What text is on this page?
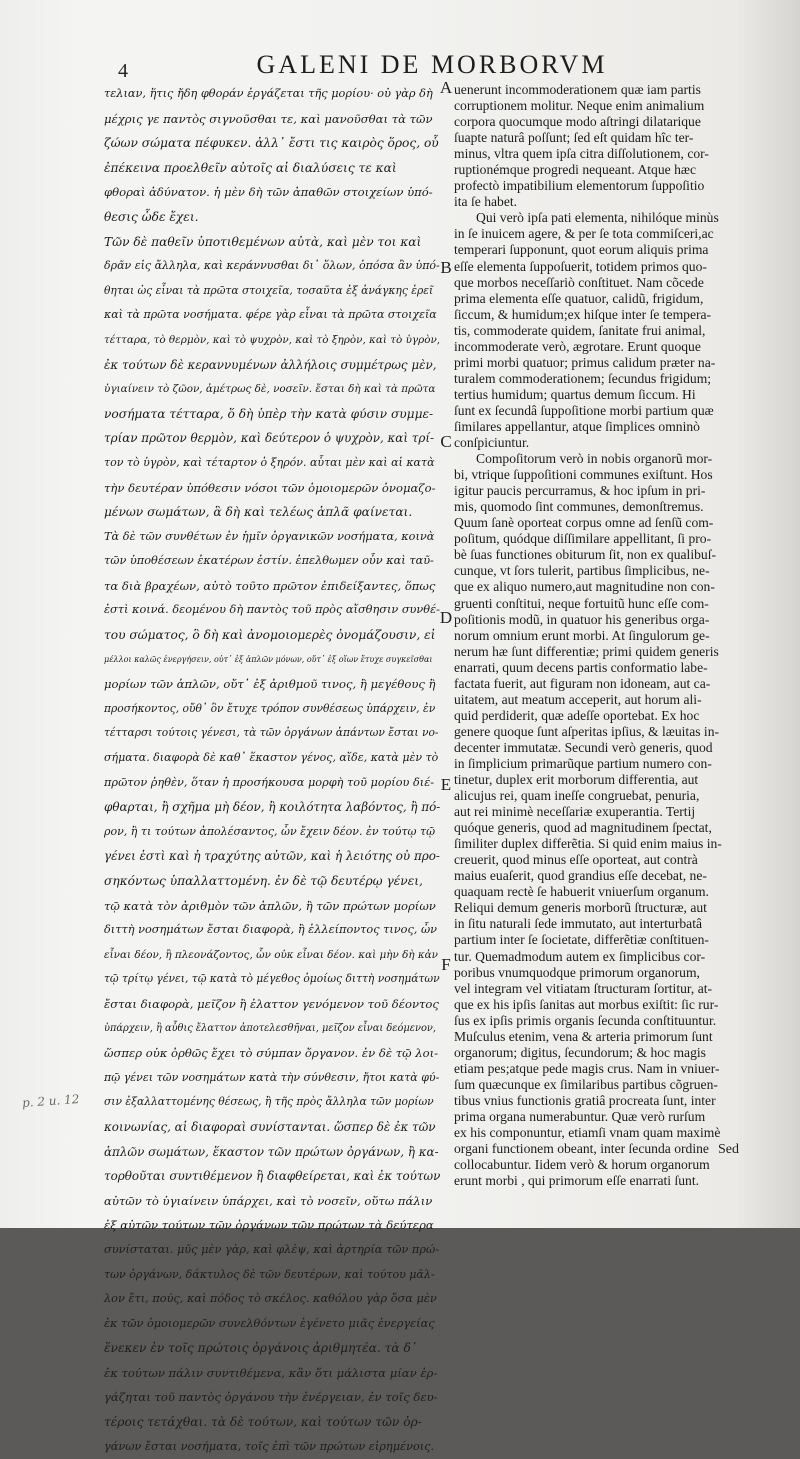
4	GALENI DE MORBORVM
τελιαν, ἥτις ἤδη φθοράν ἐργάζεται τῆς μορίου· οὐ γὰρ δὴ
μέχρις γε παντὸς σιγνοῦσθαι τε, καὶ μανοῦσθαι τὰ τῶν
ζώων σώματα πέφυκεν. ἀλλ᾽ ἔστι τις καιρὸς ὅρος, οὗ
ἐπέκεινα προελθεῖν αὐτοῖς αἱ διαλύσεις τε καὶ
φθοραὶ ἀδύνατον. ἡ μὲν δὴ τῶν ἀπαθῶν στοιχείων ὑπό-
θεσις ὧδε ἔχει.
Τῶν δὲ παθεῖν ὑποτιθεμένων αὐτὰ, καὶ μὲν τοι καὶ
δρᾶν εἰς ἄλληλα, καὶ κεράννυσθαι δι᾽ ὅλων, ὁπόσα ἂν ὑπό-
θηται ὡς εἶναι τὰ πρῶτα στοιχεῖα, τοσαῦτα ἐξ ἀνάγκης ἐρεῖ
καὶ τὰ πρῶτα νοσήματα. φέρε γὰρ εἶναι τὰ πρῶτα στοιχεῖα
τέτταρα, τὸ θερμὸν, καὶ τὸ ψυχρὸν, καὶ τὸ ξηρὸν, καὶ τὸ ὑγρὸν,
ἐκ τούτων δὲ κεραννυμένων ἀλλήλοις συμμέτρως μὲν,
ὑγιαίνειν τὸ ζῶον, ἀμέτρως δὲ, νοσεῖν. ἔσται δὴ καὶ τὰ πρῶτα
νοσήματα τέτταρα, ὅ δὴ ὑπὲρ τὴν κατὰ φύσιν συμμε-
τρίαν πρῶτον θερμὸν, καὶ δεύτερον ὁ ψυχρὸν, καὶ τρί-
τον τὸ ὑγρὸν, καὶ τέταρτον ὁ ξηρόν. αὗται μὲν καὶ αἱ κατὰ
τὴν δευτέραν ὑπόθεσιν νόσοι τῶν ὁμοιομερῶν ὀνομαζο-
μένων σωμάτων, ἃ δὴ καὶ τελέως ἁπλᾶ φαίνεται.
Τὰ δὲ τῶν συνθέτων ἐν ἡμῖν ὀργανικῶν νοσήματα, κοινὰ
τῶν ὑποθέσεων ἑκατέρων ἐστίν. ἐπελθωμεν οὖν καὶ ταῦ-
τα διὰ βραχέων, αὐτὸ τοῦτο πρῶτον ἐπιδείξαντες, ὅπως
ἐστὶ κοινά. δεομένου δὴ παντὸς τοῦ πρὸς αἴσθησιν συνθέ-
του σώματος, ὃ δὴ καὶ ἀνομοιομερὲς ὀνομάζουσιν, εἰ
μέλλοι καλῶς ἐνεργήσειν, οὐτ᾽ ἐξ ἁπλῶν μόνων, οὔτ᾽ ἐξ οἵων ἔτυχε συγκεῖσθαι
μορίων τῶν ἁπλῶν, οὔτ᾽ ἐξ ἀριθμοῦ τινος, ἢ μεγέθους ἢ
προσήκοντος, οὔθ᾽ ὃν ἔτυχε τρόπον συνθέσεως ὑπάρχειν, ἐν
τέτταρσι τούτοις γένεσι, τὰ τῶν ὀργάνων ἁπάντων ἔσται νο-
σήματα. διαφορὰ δὲ καθ᾽ ἕκαστον γένος, αἵδε, κατὰ μὲν τὸ
πρῶτον ῥηθὲν, ὅταν ἡ προσήκουσα μορφὴ τοῦ μορίου διέ-
φθαρται, ἢ σχῆμα μὴ δέον, ἢ κοιλότητα λαβόντος, ἢ πό-
ρον, ἢ τι τούτων ἀπολέσαντος, ὧν ἔχειν δέον. ἐν τούτῳ τῷ
γένει ἐστὶ καὶ ἡ τραχύτης αὐτῶν, καὶ ἡ λειότης οὐ προ-
σηκόντως ὑπαλλαττομένη. ἐν δὲ τῷ δευτέρῳ γένει,
τῷ κατὰ τὸν ἀριθμὸν τῶν ἁπλῶν, ἢ τῶν πρώτων μορίων
διττὴ νοσημάτων ἔσται διαφορὰ, ἢ ἐλλείποντος τινος, ὧν
εἶναι δέον, ἢ πλεονάζοντος, ὧν οὐκ εἶναι δέον. καὶ μὴν δὴ κἀν
τῷ τρίτῳ γένει, τῷ κατὰ τὸ μέγεθος ὁμοίως διττὴ νοσημάτων
ἔσται διαφορὰ, μεῖζον ἢ ἐλαττον γενόμενον τοῦ δέοντος
ὑπάρχειν, ἢ αὖθις ἔλαττον ἀποτελεσθῆναι, μεῖζον εἶναι δεόμενον,
ὥσπερ οὐκ ὀρθῶς ἔχει τὸ σύμπαν ὄργανον. ἐν δὲ τῷ λοι-
πῷ γένει τῶν νοσημάτων κατὰ τὴν σύνθεσιν, ἤτοι κατὰ φύ-
σιν ἐξαλλαττομένης θέσεως, ἢ τῆς πρὸς ἄλληλα τῶν μορίων
κοινωνίας, αἱ διαφοραὶ συνίστανται. ὥσπερ δὲ ἐκ τῶν
ἁπλῶν σωμάτων, ἕκαστον τῶν πρώτων ὀργάνων, ἢ κα-
τορθοῦται συντιθέμενον ἢ διαφθείρεται, καὶ ἐκ τούτων
αὐτῶν τὸ ὑγιαίνειν ὑπάρχει, καὶ τὸ νοσεῖν, οὕτω πάλιν
ἐξ αὐτῶν τούτων τῶν ὀργάνων τῶν πρώτων τὰ δεύτερα
συνίσταται. μῦς μὲν γὰρ, καὶ φλὲψ, καὶ ἀρτηρία τῶν πρώ-
των ὀργάνων, δάκτυλος δὲ τῶν δευτέρων, καὶ τούτου μᾶλ-
λον ἔτι, πούς, καὶ πόδος τὸ σκέλος. καθόλου γὰρ ὅσα μὲν
ἐκ τῶν ὁμοιομερῶν συνελθόντων ἐγένετο μιᾶς ἐνεργείας
ἕνεκεν ἐν τοῖς πρώτοις ὀργάνοις ἀριθμητέα. τὰ δ᾽
ἐκ τούτων πάλιν συντιθέμενα, κἂν ὅτι μάλιστα μίαν ἐρ-
γάζηται τοῦ παντὸς ὀργάνου τὴν ἐνέργειαν, ἐν τοῖς δευ-
τέροις τετάχθαι. τὰ δὲ τούτων, καὶ τούτων τῶν ὀρ-
γάνων ἔσται νοσήματα, τοῖς ἐπὶ τῶν πρώτων εἰρημένοις.
A
B
C
D
E
F
uenerunt incommoderationem quæ iam partis
corruptionem molitur. Neque enim animalium
corpora quocumque modo aſtringi dilatarique
ſuapte naturâ poſſunt; ſed eſt quidam hîc ter-
minus, vltra quem ipſa citra diſſolutionem, cor-
ruptionémque progredi nequeant. Atque hæc
profectò impatibilium elementorum ſuppoſitio
ita ſe habet.
Qui verò ipſa pati elementa, nihilóque minùs
in ſe inuicem agere, & per ſe tota commiſceri,ac
temperari ſupponunt, quot eorum aliquis prima
eſſe elementa ſuppoſuerit, totidem primos quo-
que morbos neceſſariò conſtituet. Nam cõcede
prima elementa eſſe quatuor, calidũ, frigidum,
ſiccum, & humidum;ex hiſque inter ſe tempera-
tis, commoderate quidem, ſanitate frui animal,
incommoderate verò, ægrotare. Erunt quoque
primi morbi quatuor; primus calidum præter na-
turalem commoderationem; ſecundus frigidum;
tertius humidum; quartus demum ſiccum. Hi
ſunt ex ſecundâ ſuppoſitione morbi partium quæ
ſimilares appellantur, atque ſimplices omninò
conſpiciuntur.
Compoſitorum verò in nobis organorũ mor-
bi, vtrique ſuppoſitioni communes exiſtunt. Hos
igitur paucis percurramus, & hoc ipſum in pri-
mis, quomodo ſint communes, demonſtremus.
Quum ſanè oporteat corpus omne ad ſenſũ com-
poſitum, quódque diſſimilare appellitant, ſi pro-
bè ſuas functiones obiturum ſit, non ex qualibuſ-
cunque, vt ſors tulerit, partibus ſimplicibus, ne-
que ex aliquo numero,aut magnitudine non con-
gruenti conſtitui, neque fortuitũ hunc eſſe com-
poſitionis modũ, in quatuor his generibus orga-
norum omnium erunt morbi. At ſingulorum ge-
nerum hæ ſunt differentiæ; primi quidem generis
enarrati, quum decens partis conformatio labe-
factata fuerit, aut figuram non idoneam, aut ca-
uitatem, aut meatum acceperit, aut horum ali-
quid perdiderit, quæ adeſſe oportebat. Ex hoc
genere quoque ſunt aſperitas ipſius, & læuitas in-
decenter immutatæ. Secundi verò generis, quod
in ſimplicium primarũque partium numero con-
tinetur, duplex erit morborum differentia, aut
alicujus rei, quam ineſſe congruebat, penuria,
aut rei minimè neceſſariæ exuperantia. Tertij
quóque generis, quod ad magnitudinem ſpectat,
ſimiliter duplex differẽtia. Si quid enim maius in-
creuerit, quod minus eſſe oporteat, aut contrà
maius euaſerit, quod grandius eſſe decebat, ne-
quaquam rectè ſe habuerit vniuerſum organum.
Reliqui demum generis morborũ ſtructuræ, aut
in ſitu naturali ſede immutato, aut interturbatâ
partium inter ſe ſocietate, differẽtiæ conſtituen-
tur. Quemadmodum autem ex ſimplicibus cor-
poribus vnumquodque primorum organorum,
vel integram vel vitiatam ſtructuram ſortitur, at-
que ex his ipſis ſanitas aut morbus exiſtit: ſic rur-
ſus ex ipſis primis organis ſecunda conſtituuntur.
Muſculus etenim, vena & arteria primorum ſunt
organorum; digitus, ſecundorum; & hoc magis
etiam pes;atque pede magis crus. Nam in vniuer-
ſum quæcunque ex ſimilaribus partibus cõgruen-
tibus vnius functionis gratiâ procreata ſunt, inter
prima organa numerabuntur. Quæ verò rurſum
ex his componuntur, etiamſi vnam quam maximè
organi functionem obeant, inter ſecunda ordine
collocabuntur. Iidem verò & horum organorum
erunt morbi , qui primorum eſſe enarrati ſunt.
Sed
p. 2 u. 12
